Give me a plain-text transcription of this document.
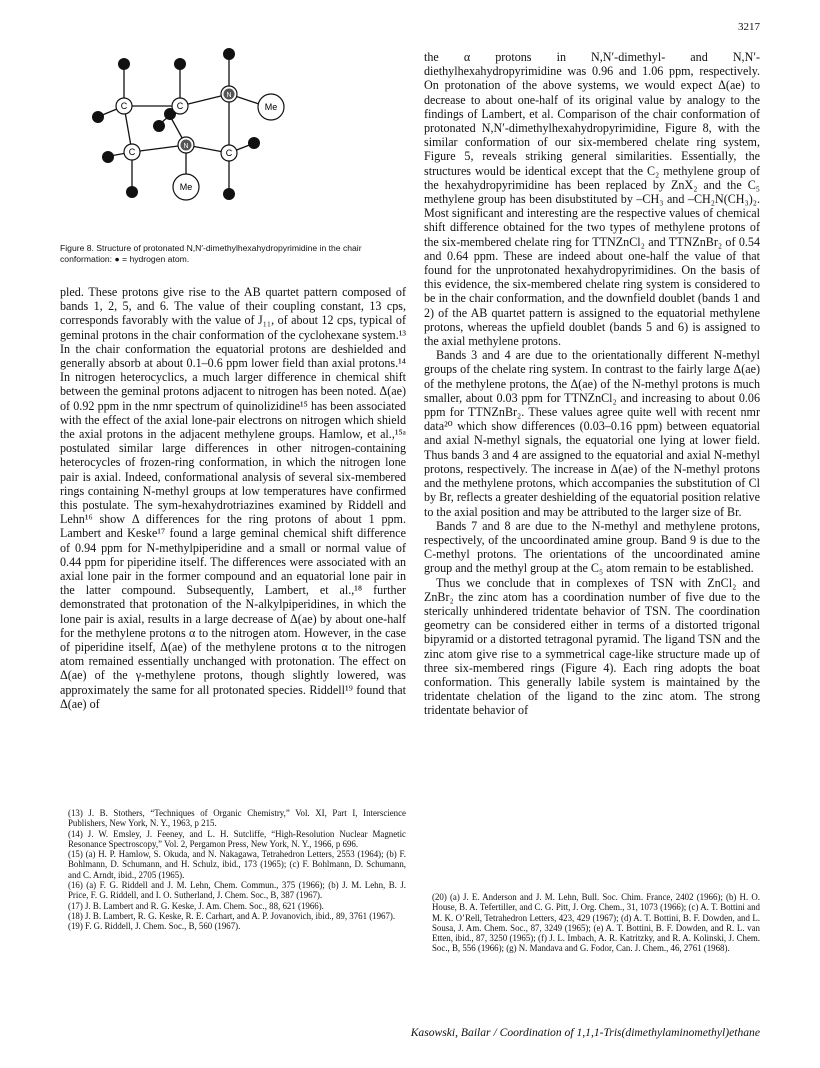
3217
C	C
N
C
N
C
Me
Me
Figure 8. Structure of protonated N,N′-dimethylhexahydropyrimidine in the chair conformation: ● = hydrogen atom.

pled. These protons give rise to the AB quartet pattern composed of bands 1, 2, 5, and 6. The value of their coupling constant, 13 cps, corresponds favorably with the value of J₁₁, of about 12 cps, typical of geminal protons in the chair conformation of the cyclohexane system.¹³ In the chair conformation the equatorial protons are deshielded and generally absorb at about 0.1–0.6 ppm lower field than axial protons.¹⁴ In nitrogen heterocyclics, a much larger difference in chemical shift between the geminal protons adjacent to nitrogen has been noted. Δ(ae) of 0.92 ppm in the nmr spectrum of quinolizidine¹⁵ has been associated with the effect of the axial lone-pair electrons on nitrogen which shield the axial protons in the adjacent methylene groups. Hamlow, et al.,¹⁵ᵃ postulated similar large differences in other nitrogen-containing heterocycles of frozen-ring conformation, in which the nitrogen lone pair is axial. Indeed, conformational analysis of several six-membered rings containing N-methyl groups at low temperatures have confirmed this postulate. The sym-hexahydrotriazines examined by Riddell and Lehn¹⁶ show Δ differences for the ring protons of about 1 ppm. Lambert and Keske¹⁷ found a large geminal chemical shift difference of 0.94 ppm for N-methylpiperidine and a small or normal value of 0.44 ppm for piperidine itself. The differences were associated with an axial lone pair in the former compound and an equatorial lone pair in the latter compound. Subsequently, Lambert, et al.,¹⁸ further demonstrated that protonation of the N-alkylpiperidines, in which the lone pair is axial, results in a large decrease of Δ(ae) by about one-half for the methylene protons α to the nitrogen atom. However, in the case of piperidine itself, Δ(ae) of the methylene protons α to the nitrogen atom remained essentially unchanged with protonation. The effect on Δ(ae) of the γ-methylene protons, though slightly lowered, was approximately the same for all protonated species. Riddell¹⁹ found that Δ(ae) of

the α protons in N,N′-dimethyl- and N,N′-diethylhexahydropyrimidine was 0.96 and 1.06 ppm, respectively. On protonation of the above systems, we would expect Δ(ae) to decrease to about one-half of its original value by analogy to the findings of Lambert, et al. Comparison of the chair conformation of protonated N,N′-dimethylhexahydropyrimidine, Figure 8, with the similar conformation of our six-membered chelate ring system, Figure 5, reveals striking general similarities. Essentially, the structures would be identical except that the C₂ methylene group of the hexahydropyrimidine has been replaced by ZnX₂ and the C₅ methylene group has been disubstituted by –CH₃ and –CH₂N(CH₃)₂. Most significant and interesting are the respective values of chemical shift difference obtained for the two types of methylene protons of the six-membered chelate ring for TTNZnCl₂ and TTNZnBr₂ of 0.54 and 0.64 ppm. These are indeed about one-half the value of that found for the unprotonated hexahydropyrimidines. On the basis of this evidence, the six-membered chelate ring system is considered to be in the chair conformation, and the downfield doublet (bands 1 and 2) of the AB quartet pattern is assigned to the equatorial methylene protons, whereas the upfield doublet (bands 5 and 6) is assigned to the axial methylene protons.

Bands 3 and 4 are due to the orientationally different N-methyl groups of the chelate ring system. In contrast to the fairly large Δ(ae) of the methylene protons, the Δ(ae) of the N-methyl protons is much smaller, about 0.03 ppm for TTNZnCl₂ and increasing to about 0.06 ppm for TTNZnBr₂. These values agree quite well with recent nmr data²⁰ which show differences (0.03–0.16 ppm) between equatorial and axial N-methyl signals, the equatorial one lying at lower field. Thus bands 3 and 4 are assigned to the equatorial and axial N-methyl protons, respectively. The increase in Δ(ae) of the N-methyl protons and the methylene protons, which accompanies the substitution of Cl by Br, reflects a greater deshielding of the equatorial position relative to the axial position and may be attributed to the larger size of Br.

Bands 7 and 8 are due to the N-methyl and methylene protons, respectively, of the uncoordinated amine group. Band 9 is due to the C-methyl protons. The orientations of the uncoordinated amine group and the methyl group at the C₅ atom remain to be established.

Thus we conclude that in complexes of TSN with ZnCl₂ and ZnBr₂ the zinc atom has a coordination number of five due to the sterically unhindered tridentate behavior of TSN. The coordination geometry can be considered either in terms of a distorted trigonal bipyramid or a distorted tetragonal pyramid. The ligand TSN and the zinc atom give rise to a symmetrical cage-like structure made up of three six-membered rings (Figure 4). Each ring adopts the boat conformation. This generally labile system is maintained by the tridentate chelation of the ligand to the zinc atom. The strong tridentate behavior of

(13) J. B. Stothers, “Techniques of Organic Chemistry,” Vol. XI, Part I, Interscience Publishers, New York, N. Y., 1963, p 215.

(14) J. W. Emsley, J. Feeney, and L. H. Sutcliffe, “High-Resolution Nuclear Magnetic Resonance Spectroscopy,” Vol. 2, Pergamon Press, New York, N. Y., 1966, p 696.

(15) (a) H. P. Hamlow, S. Okuda, and N. Nakagawa, Tetrahedron Letters, 2553 (1964); (b) F. Bohlmann, D. Schumann, and H. Schulz, ibid., 173 (1965); (c) F. Bohlmann, D. Schumann, and C. Arndt, ibid., 2705 (1965).

(16) (a) F. G. Riddell and J. M. Lehn, Chem. Commun., 375 (1966); (b) J. M. Lehn, B. J. Price, F. G. Riddell, and I. O. Sutherland, J. Chem. Soc., B, 387 (1967).

(17) J. B. Lambert and R. G. Keske, J. Am. Chem. Soc., 88, 621 (1966).

(18) J. B. Lambert, R. G. Keske, R. E. Carhart, and A. P. Jovanovich, ibid., 89, 3761 (1967).

(19) F. G. Riddell, J. Chem. Soc., B, 560 (1967).

(20) (a) J. E. Anderson and J. M. Lehn, Bull. Soc. Chim. France, 2402 (1966); (b) H. O. House, B. A. Tefertiller, and C. G. Pitt, J. Org. Chem., 31, 1073 (1966); (c) A. T. Bottini and M. K. O’Rell, Tetrahedron Letters, 423, 429 (1967); (d) A. T. Bottini, B. F. Dowden, and L. Sousa, J. Am. Chem. Soc., 87, 3249 (1965); (e) A. T. Bottini, B. F. Dowden, and R. L. van Etten, ibid., 87, 3250 (1965); (f) J. L. Imbach, A. R. Katritzky, and R. A. Kolinski, J. Chem. Soc., B, 556 (1966); (g) N. Mandava and G. Fodor, Can. J. Chem., 46, 2761 (1968).

Kasowski, Bailar / Coordination of 1,1,1-Tris(dimethylaminomethyl)ethane
